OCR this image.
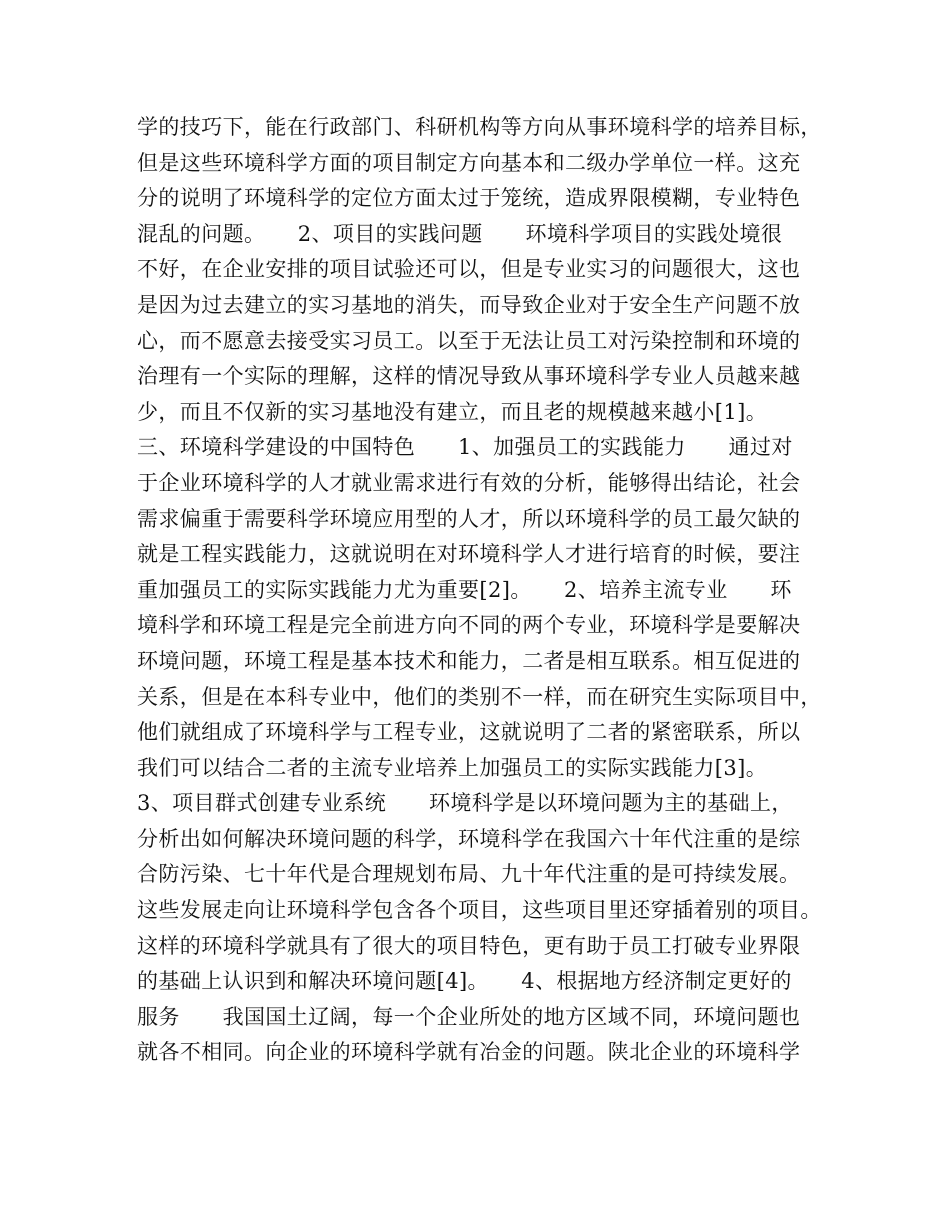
学的技巧下，能在行政部门、科研机构等方向从事环境科学的培养目标，
但是这些环境科学方面的项目制定方向基本和二级办学单位一样。这充
分的说明了环境科学的定位方面太过于笼统，造成界限模糊，专业特色
混乱的问题。　　2、项目的实践问题　　环境科学项目的实践处境很
不好，在企业安排的项目试验还可以，但是专业实习的问题很大，这也
是因为过去建立的实习基地的消失，而导致企业对于安全生产问题不放
心，而不愿意去接受实习员工。以至于无法让员工对污染控制和环境的
治理有一个实际的理解，这样的情况导致从事环境科学专业人员越来越
少，而且不仅新的实习基地没有建立，而且老的规模越来越小[1]。
三、环境科学建设的中国特色　　1、加强员工的实践能力　　通过对
于企业环境科学的人才就业需求进行有效的分析，能够得出结论，社会
需求偏重于需要科学环境应用型的人才，所以环境科学的员工最欠缺的
就是工程实践能力，这就说明在对环境科学人才进行培育的时候，要注
重加强员工的实际实践能力尤为重要[2]。　　2、培养主流专业　　环
境科学和环境工程是完全前进方向不同的两个专业，环境科学是要解决
环境问题，环境工程是基本技术和能力，二者是相互联系。相互促进的
关系，但是在本科专业中，他们的类别不一样，而在研究生实际项目中，
他们就组成了环境科学与工程专业，这就说明了二者的紧密联系，所以
我们可以结合二者的主流专业培养上加强员工的实际实践能力[3]。
3、项目群式创建专业系统　　环境科学是以环境问题为主的基础上，
分析出如何解决环境问题的科学，环境科学在我国六十年代注重的是综
合防污染、七十年代是合理规划布局、九十年代注重的是可持续发展。
这些发展走向让环境科学包含各个项目，这些项目里还穿插着别的项目。
这样的环境科学就具有了很大的项目特色，更有助于员工打破专业界限
的基础上认识到和解决环境问题[4]。　　4、根据地方经济制定更好的
服务　　我国国土辽阔，每一个企业所处的地方区域不同，环境问题也
就各不相同。向企业的环境科学就有冶金的问题。陕北企业的环境科学
